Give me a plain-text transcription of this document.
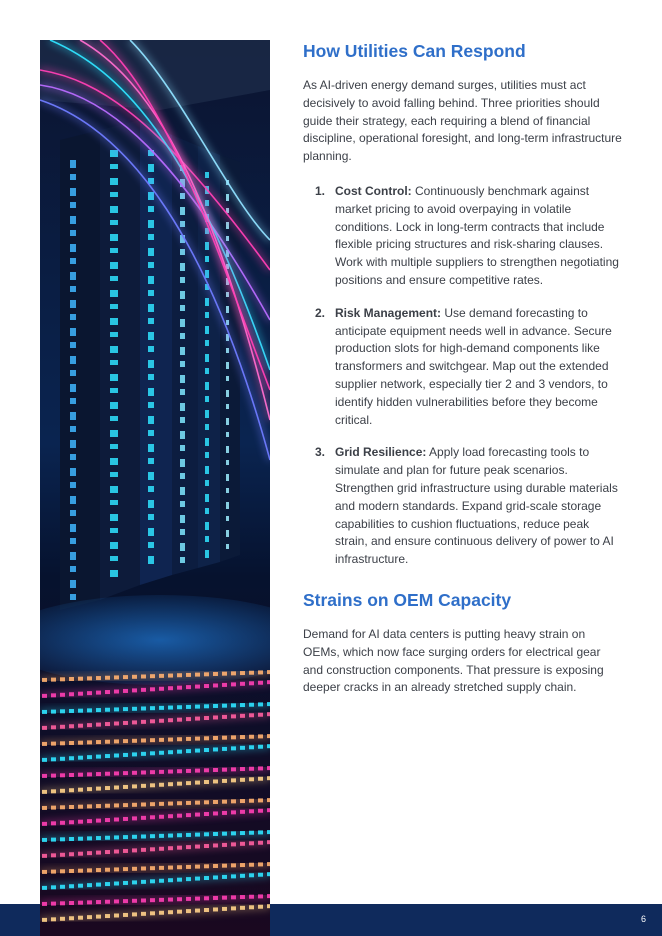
How Utilities Can Respond

As AI-driven energy demand surges, utilities must act decisively to avoid falling behind. Three priorities should guide their strategy, each requiring a blend of financial discipline, operational foresight, and long-term infrastructure planning.

1. Cost Control: Continuously benchmark against market pricing to avoid overpaying in volatile conditions. Lock in long-term contracts that include flexible pricing structures and risk-sharing clauses. Work with multiple suppliers to strengthen negotiating positions and ensure competitive rates.
2. Risk Management: Use demand forecasting to anticipate equipment needs well in advance. Secure production slots for high-demand components like transformers and switchgear. Map out the extended supplier network, especially tier 2 and 3 vendors, to identify hidden vulnerabilities before they become critical.
3. Grid Resilience: Apply load forecasting tools to simulate and plan for future peak scenarios. Strengthen grid infrastructure using durable materials and modern standards. Expand grid-scale storage capabilities to cushion fluctuations, reduce peak strain, and ensure continuous delivery of power to AI infrastructure.
Strains on OEM Capacity

Demand for AI data centers is putting heavy strain on OEMs, which now face surging orders for electrical gear and construction components. That pressure is exposing deeper cracks in an already stretched supply chain.

6
